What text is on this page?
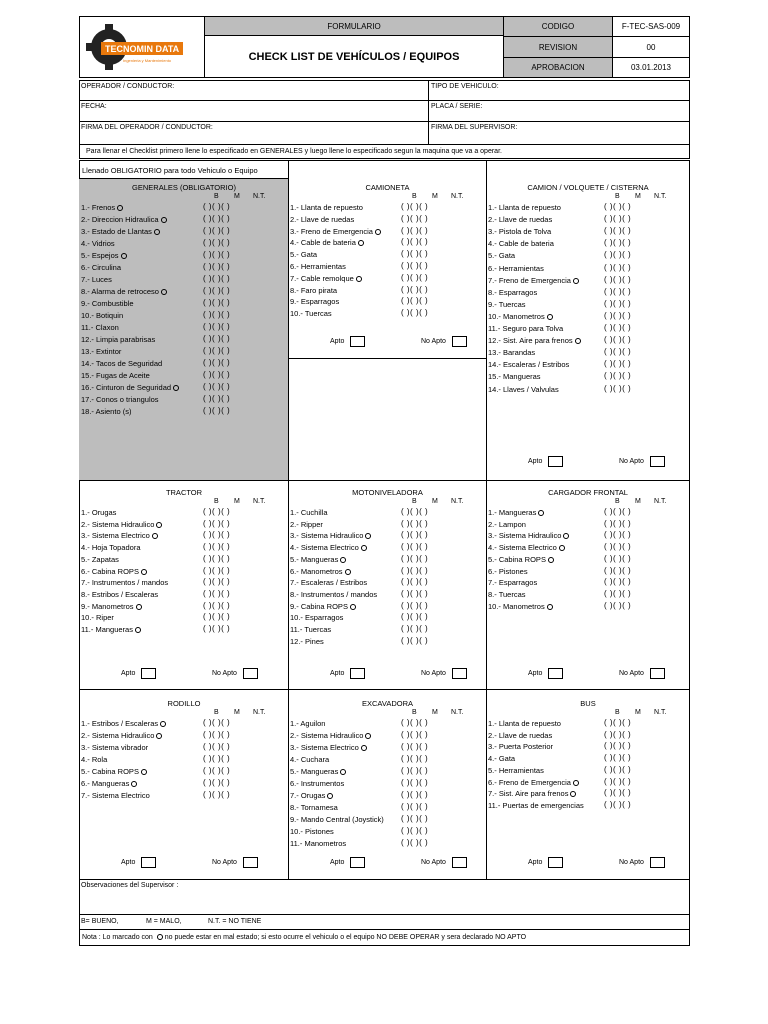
TECNOMIN DATA
Ingenieria y Mantenimiento
FORMULARIO
CHECK LIST DE VEHÍCULOS / EQUIPOS
CODIGO	F-TEC-SAS-009
REVISION	00
APROBACION	03.01.2013
OPERADOR / CONDUCTOR:	TIPO DE VEHICULO:
FECHA:	PLACA / SERIE:
FIRMA DEL OPERADOR / CONDUCTOR:	FIRMA DEL SUPERVISOR:
Para llenar el Checklist primero llene lo especificado en GENERALES y luego llene lo especificado segun la maquina que va a operar.
Llenado OBLIGATORIO para todo Vehiculo o Equipo
GENERALES (OBLIGATORIO)
B M N.T.
1.- Frenos	( )( )( )
2.- Direccion Hidraulica	( )( )( )
3.- Estado de Llantas	( )( )( )
4.- Vidrios	( )( )( )
5.- Espejos	( )( )( )
6.- Circulina	( )( )( )
7.- Luces	( )( )( )
8.- Alarma de retroceso	( )( )( )
9.- Combustible	( )( )( )
10.- Botiquin	( )( )( )
11.- Claxon	( )( )( )
12.- Limpia parabrisas	( )( )( )
13.- Extintor	( )( )( )
14.- Tacos de Seguridad	( )( )( )
15.- Fugas de Aceite	( )( )( )
16.- Cinturon de Seguridad	( )( )( )
17.- Conos o triangulos	( )( )( )
18.- Asiento (s)	( )( )( )
CAMIONETA
B M N.T.
1.- Llanta de repuesto	( )( )( )
2.- Llave de ruedas	( )( )( )
3.- Freno de Emergencia	( )( )( )
4.- Cable de bateria	( )( )( )
5.- Gata	( )( )( )
6.- Herramientas	( )( )( )
7.- Cable remolque	( )( )( )
8.- Faro pirata	( )( )( )
9.- Esparragos	( )( )( )
10.- Tuercas	( )( )( )
Apto	No Apto
CAMION / VOLQUETE / CISTERNA
B M N.T.
1.- Llanta de repuesto	( )( )( )
2.- Llave de ruedas	( )( )( )
3.- Pistola de Tolva	( )( )( )
4.- Cable de bateria	( )( )( )
5.- Gata	( )( )( )
6.- Herramientas	( )( )( )
7.- Freno de Emergencia	( )( )( )
8.- Esparragos	( )( )( )
9.- Tuercas	( )( )( )
10.- Manometros	( )( )( )
11.- Seguro para Tolva	( )( )( )
12.- Sist. Aire para frenos	( )( )( )
13.- Barandas	( )( )( )
14.- Escaleras / Estribos	( )( )( )
15.- Mangueras	( )( )( )
14.- Llaves / Valvulas	( )( )( )
Apto	No Apto
TRACTOR
B M N.T.
1.- Orugas	( )( )( )
2.- Sistema Hidraulico	( )( )( )
3.- Sistema Electrico	( )( )( )
4.- Hoja Topadora	( )( )( )
5.- Zapatas	( )( )( )
6.- Cabina ROPS	( )( )( )
7.- Instrumentos / mandos	( )( )( )
8.- Estribos / Escaleras	( )( )( )
9.- Manometros	( )( )( )
10.- Riper	( )( )( )
11.- Mangueras	( )( )( )
Apto	No Apto
MOTONIVELADORA
B M N.T.
1.- Cuchilla	( )( )( )
2.- Ripper	( )( )( )
3.- Sistema Hidraulico	( )( )( )
4.- Sistema Electrico	( )( )( )
5.- Mangueras	( )( )( )
6.- Manometros	( )( )( )
7.- Escaleras / Estribos	( )( )( )
8.- Instrumentos / mandos	( )( )( )
9.- Cabina ROPS	( )( )( )
10.- Esparragos	( )( )( )
11.- Tuercas	( )( )( )
12.- Pines	( )( )( )
Apto	No Apto
CARGADOR FRONTAL
B M N.T.
1.- Mangueras	( )( )( )
2.- Lampon	( )( )( )
3.- Sistema Hidraulico	( )( )( )
4.- Sistema Electrico	( )( )( )
5.- Cabina ROPS	( )( )( )
6.- Pistones	( )( )( )
7.- Esparragos	( )( )( )
8.- Tuercas	( )( )( )
10.- Manometros	( )( )( )
Apto	No Apto
RODILLO
B M N.T.
1.- Estribos / Escaleras	( )( )( )
2.- Sistema Hidraulico	( )( )( )
3.- Sistema vibrador	( )( )( )
4.- Rola	( )( )( )
5.- Cabina ROPS	( )( )( )
6.- Mangueras	( )( )( )
7.- Sistema Electrico	( )( )( )
Apto	No Apto
EXCAVADORA
B M N.T.
1.- Aguilon	( )( )( )
2.- Sistema Hidraulico	( )( )( )
3.- Sistema Electrico	( )( )( )
4.- Cuchara	( )( )( )
5.- Mangueras	( )( )( )
6.- Instrumentos	( )( )( )
7.- Orugas	( )( )( )
8.- Tornamesa	( )( )( )
9.- Mando Central (Joystick) ( )( )( )
10.- Pistones	( )( )( )
11.- Manometros	( )( )( )
Apto	No Apto
BUS
B M N.T.
1.- Llanta de repuesto	( )( )( )
2.- Llave de ruedas	( )( )( )
3.- Puerta Posterior	( )( )( )
4.- Gata	( )( )( )
5.- Herramientas	( )( )( )
6.- Freno de Emergencia	( )( )( )
7.- Sist. Aire para frenos	( )( )( )
11.- Puertas de emergencias	( )( )( )
Apto	No Apto
Observaciones del Supervisor :
B= BUENO,	M = MALO,	N.T. = NO TIENE
Nota : Lo marcado con no puede estar en mal estado; si esto ocurre el vehiculo o el equipo NO DEBE OPERAR y sera declarado NO APTO
